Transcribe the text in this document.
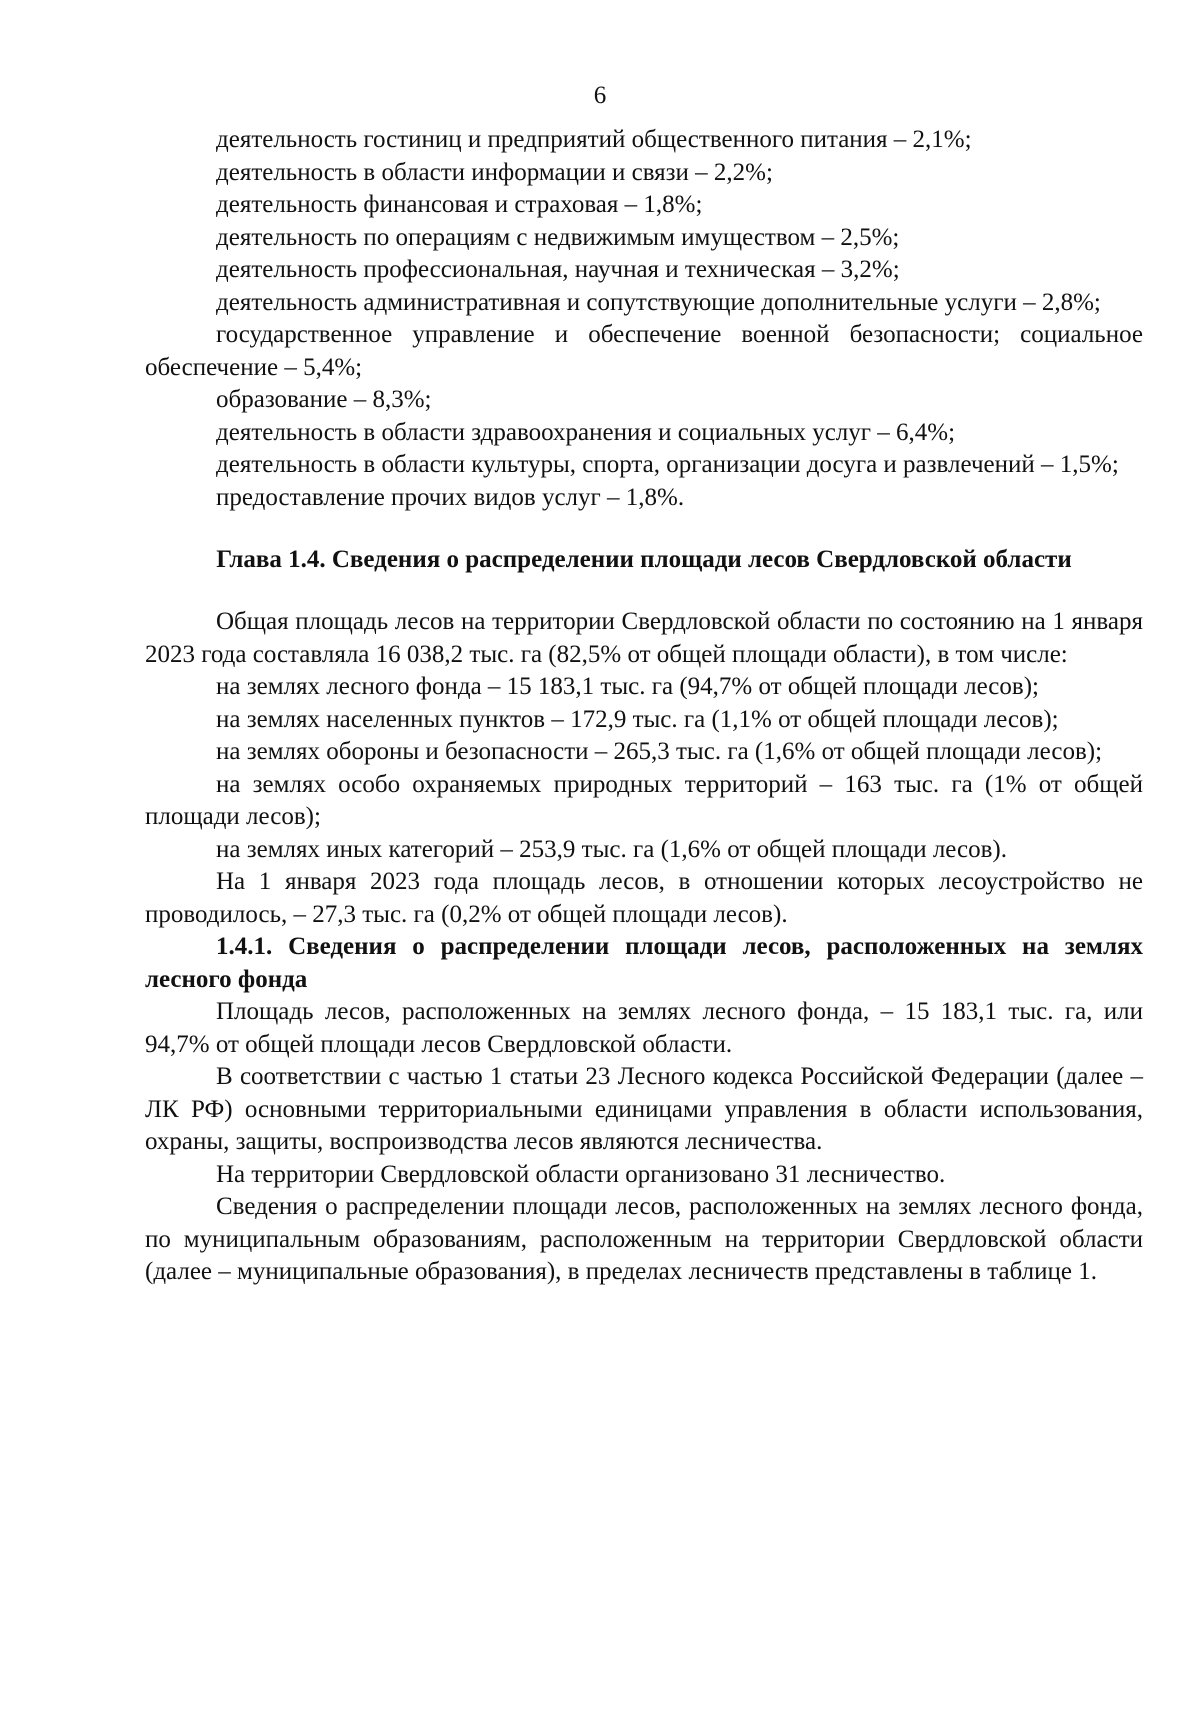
6

деятельность гостиниц и предприятий общественного питания – 2,1%;

деятельность в области информации и связи – 2,2%;

деятельность финансовая и страховая – 1,8%;

деятельность по операциям с недвижимым имуществом – 2,5%;

деятельность профессиональная, научная и техническая – 3,2%;

деятельность административная и сопутствующие дополнительные услуги – 2,8%;

государственное управление и обеспечение военной безопасности; социальное обеспечение – 5,4%;

образование – 8,3%;

деятельность в области здравоохранения и социальных услуг – 6,4%;

деятельность в области культуры, спорта, организации досуга и развлечений – 1,5%;

предоставление прочих видов услуг – 1,8%.

Глава 1.4. Сведения о распределении площади лесов Свердловской области

Общая площадь лесов на территории Свердловской области по состоянию на 1 января 2023 года составляла 16 038,2 тыс. га (82,5% от общей площади области), в том числе:

на землях лесного фонда – 15 183,1 тыс. га (94,7% от общей площади лесов);

на землях населенных пунктов – 172,9 тыс. га (1,1% от общей площади лесов);

на землях обороны и безопасности – 265,3 тыс. га (1,6% от общей площади лесов);

на землях особо охраняемых природных территорий – 163 тыс. га (1% от общей площади лесов);

на землях иных категорий – 253,9 тыс. га (1,6% от общей площади лесов).

На 1 января 2023 года площадь лесов, в отношении которых лесоустройство не проводилось, – 27,3 тыс. га (0,2% от общей площади лесов).

1.4.1. Сведения о распределении площади лесов, расположенных на землях лесного фонда

Площадь лесов, расположенных на землях лесного фонда, – 15 183,1 тыс. га, или 94,7% от общей площади лесов Свердловской области.

В соответствии с частью 1 статьи 23 Лесного кодекса Российской Федерации (далее – ЛК РФ) основными территориальными единицами управления в области использования, охраны, защиты, воспроизводства лесов являются лесничества.

На территории Свердловской области организовано 31 лесничество.

Сведения о распределении площади лесов, расположенных на землях лесного фонда, по муниципальным образованиям, расположенным на территории Свердловской области (далее – муниципальные образования), в пределах лесничеств представлены в таблице 1.
